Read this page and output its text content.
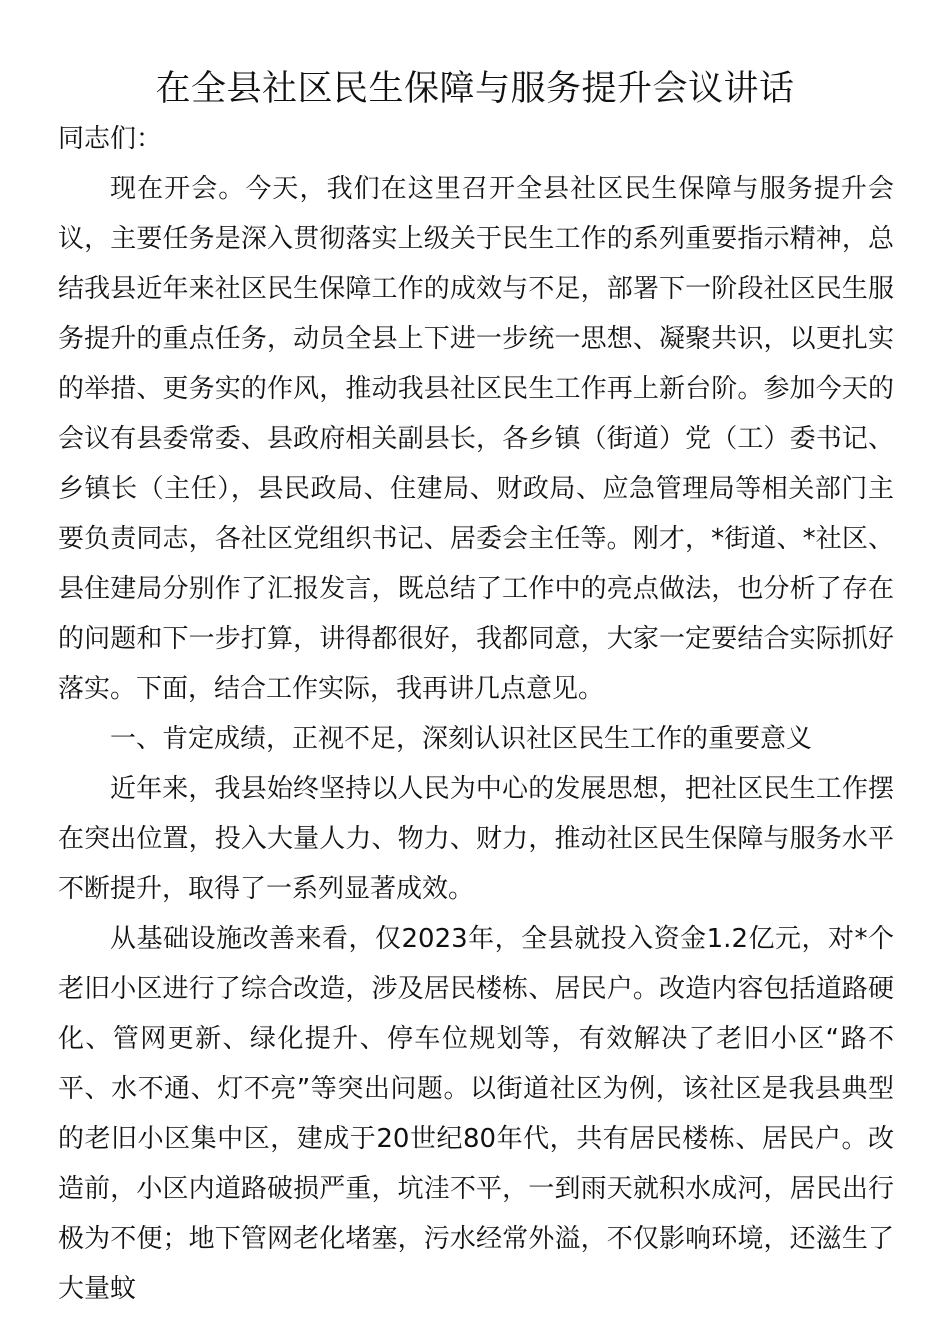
在全县社区民生保障与服务提升会议讲话

同志们：

现在开会。今天，我们在这里召开全县社区民生保障与服务提升会议，主要任务是深入贯彻落实上级关于民生工作的系列重要指示精神，总结我县近年来社区民生保障工作的成效与不足，部署下一阶段社区民生服务提升的重点任务，动员全县上下进一步统一思想、凝聚共识，以更扎实的举措、更务实的作风，推动我县社区民生工作再上新台阶。参加今天的会议有县委常委、县政府相关副县长，各乡镇（街道）党（工）委书记、乡镇长（主任），县民政局、住建局、财政局、应急管理局等相关部门主要负责同志，各社区党组织书记、居委会主任等。刚才，*街道、*社区、县住建局分别作了汇报发言，既总结了工作中的亮点做法，也分析了存在的问题和下一步打算，讲得都很好，我都同意，大家一定要结合实际抓好落实。下面，结合工作实际，我再讲几点意见。

一、肯定成绩，正视不足，深刻认识社区民生工作的重要意义

近年来，我县始终坚持以人民为中心的发展思想，把社区民生工作摆在突出位置，投入大量人力、物力、财力，推动社区民生保障与服务水平不断提升，取得了一系列显著成效。

从基础设施改善来看，仅2023年，全县就投入资金1.2亿元，对*个老旧小区进行了综合改造，涉及居民楼栋、居民户。改造内容包括道路硬化、管网更新、绿化提升、停车位规划等，有效解决了老旧小区“路不平、水不通、灯不亮”等突出问题。以街道社区为例，该社区是我县典型的老旧小区集中区，建成于20世纪80年代，共有居民楼栋、居民户。改造前，小区内道路破损严重，坑洼不平，一到雨天就积水成河，居民出行极为不便；地下管网老化堵塞，污水经常外溢，不仅影响环境，还滋生了大量蚊
